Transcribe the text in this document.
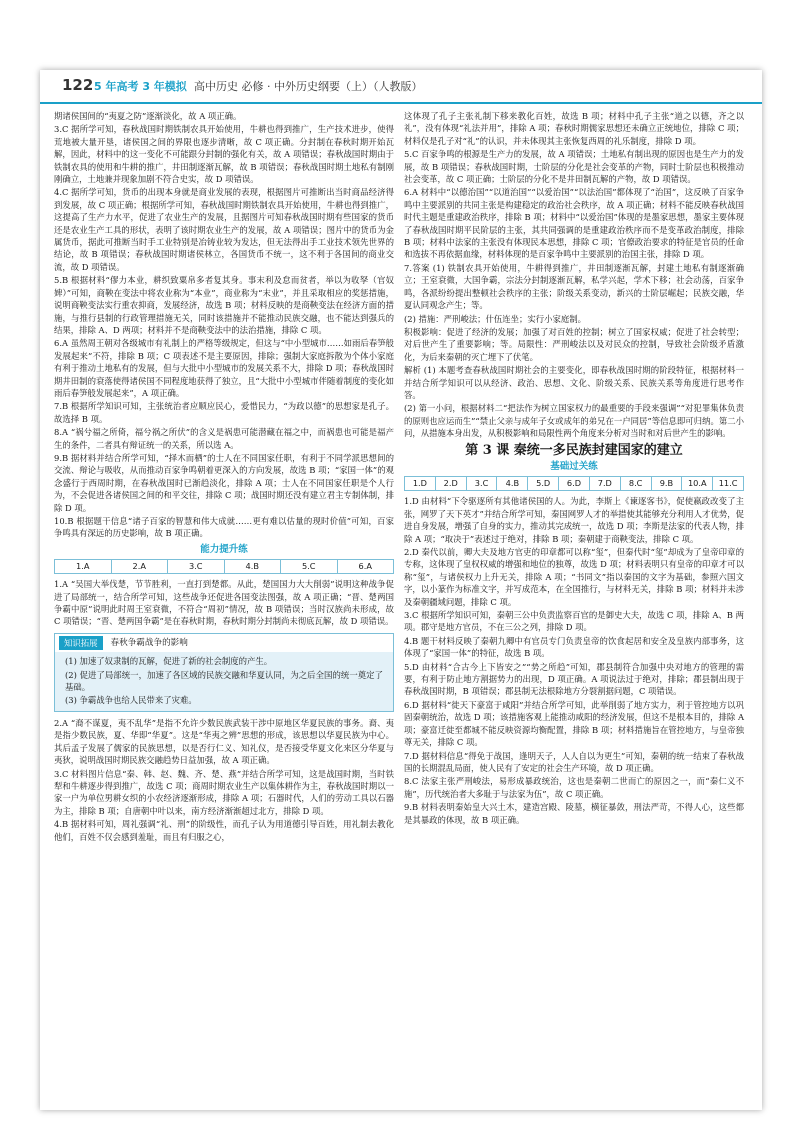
122 5 年高考 3 年模拟 高中历史 必修 · 中外历史纲要（上）（人教版）

期诸侯国间的“夷夏之防”逐渐淡化，故 A 项正确。

3.C 据所学可知，春秋战国时期铁制农具开始使用，牛耕也得到推广，生产技术进步，使得荒地被大量开垦，诸侯国之间的界限也逐步清晰，故 C 项正确。分封制在春秋时期开始瓦解，因此，材料中的这一变化不可能跟分封制的强化有关，故 A 项错误；春秋战国时期由于铁制农具的使用和牛耕的推广，井田制逐渐瓦解，故 B 项错误；春秋战国时期土地私有制刚刚确立，土地兼并现象加剧不符合史实，故 D 项错误。

4.C 据所学可知，货币的出现本身就是商业发展的表现，根据图片可推断出当时商品经济得到发展，故 C 项正确；根据所学可知，春秋战国时期铁制农具开始使用，牛耕也得到推广，这提高了生产力水平，促进了农业生产的发展，且据图片可知春秋战国时期有些国家的货币还是农业生产工具的形状，表明了该时期农业生产的发展，故 A 项错误；图片中的货币为金属货币，据此可推断当时手工业特别是冶铸业较为发达，但无法得出手工业技术领先世界的结论，故 B 项错误；春秋战国时期诸侯林立，各国货币不统一，这不利于各国间的商业交流，故 D 项错误。

5.B 根据材料“僇力本业，耕织致粟帛多者复其身。事末利及怠而贫者，举以为收孥（官奴婢）”可知，商鞅在变法中将农业称为“本业”，商业称为“末业”，并且采取相应的奖惩措施，说明商鞅变法实行重农抑商，发展经济，故选 B 项；材料反映的是商鞅变法在经济方面的措施，与推行县制的行政管理措施无关，同时该措施并不能推动民族交融，也不能达到强兵的结果，排除 A、D 两项；材料并不是商鞅变法中的法治措施，排除 C 项。

6.A 虽然周王朝对各级城市有礼制上的严格等级规定，但这与“中小型城市……如雨后春笋般发展起来”不符，排除 B 项；C 项表述不是主要原因，排除；强制大家庭拆散为个体小家庭有利于推动土地私有的发展，但与大批中小型城市的发展关系不大，排除 D 项；春秋战国时期井田制的衰落使得诸侯国不同程度地获得了独立，且“大批中小型城市伴随着制度的变化如雨后春笋般发展起来”，A 项正确。

7.B 根据所学知识可知，主张统治者应顺应民心，爱惜民力，“为政以德”的思想家是孔子。故选择 B 项。

8.A “祸兮福之所倚，福兮祸之所伏”的含义是祸患可能潜藏在福之中，而祸患也可能是福产生的条件，二者具有辩证统一的关系，所以选 A。

9.B 据材料并结合所学可知，“择木而栖”的士人在不同国家任职，有利于不同学派思想间的交流、辩论与吸收，从而推动百家争鸣朝着更深入的方向发展，故选 B 项；“家国一体”的观念盛行于西周时期，在春秋战国时已渐趋淡化，排除 A 项；士人在不同国家任职是个人行为，不会促进各诸侯国之间的和平交往，排除 C 项；战国时期还没有建立君主专制体制，排除 D 项。

10.B 根据题干信息“诸子百家的智慧和伟大成就……更有难以估量的现时价值”可知，百家争鸣具有深远的历史影响，故 B 项正确。

能力提升练
1.A	2.A	3.C	4.B	5.C	6.A

1.A “吴国大举伐楚，节节胜利，一直打到楚都。从此，楚国国力大大削弱”说明这种战争促进了局部统一，结合所学可知，这些战争还促进各国变法图强，故 A 项正确；“晋、楚两国争霸中原”说明此时周王室衰微，不符合“周初”情况，故 B 项错误；当时汉族尚未形成，故 C 项错误；“晋、楚两国争霸”是在春秋时期，春秋时期分封制尚未彻底瓦解，故 D 项错误。

知识拓展	春秋争霸战争的影响

(1) 加速了奴隶制的瓦解，促进了新的社会制度的产生。

(2) 促进了局部统一，加速了各区域的民族交融和华夏认同，为之后全国的统一奠定了基础。

(3) 争霸战争也给人民带来了灾难。

2.A “裔不谋夏，夷不乱华”是指不允许少数民族武装干涉中原地区华夏民族的事务。裔、夷是指少数民族，夏、华即“华夏”。这是“华夷之辨”思想的形成，该思想以华夏民族为中心。其后孟子发展了儒家的民族思想，以是否行仁义、知礼仪，是否接受华夏文化来区分华夏与夷狄，说明战国时期民族交融趋势日益加强，故 A 项正确。

3.C 材料图片信息“秦、韩、赵、魏、齐、楚、燕”并结合所学可知，这是战国时期，当时铁犁和牛耕逐步得到推广，故选 C 项；商周时期农业生产以集体耕作为主，春秋战国时期以一家一户为单位男耕女织的小农经济逐渐形成，排除 A 项；石器时代，人们的劳动工具以石器为主，排除 B 项；自唐朝中叶以来，南方经济渐渐超过北方，排除 D 项。

4.B 据材料可知，周礼强调“礼、刑”的阶级性，而孔子认为用道德引导百姓，用礼制去教化他们，百姓不仅会感到羞耻，而且有归服之心，

这体现了孔子主张礼制下移来教化百姓，故选 B 项；材料中孔子主张“道之以德，齐之以礼”，没有体现“礼法并用”，排除 A 项；春秋时期儒家思想还未确立正统地位，排除 C 项；材料仅是孔子对“礼”的认识，并未体现其主张恢复西周的礼乐制度，排除 D 项。

5.C 百家争鸣的根源是生产力的发展，故 A 项错误；土地私有制出现的原因也是生产力的发展，故 B 项错误；春秋战国时期，士阶层的分化是社会变革的产物，同时士阶层也积极推动社会变革，故 C 项正确；士阶层的分化不是井田制瓦解的产物，故 D 项错误。

6.A 材料中“以德治国”“以道治国”“以爱治国”“以法治国”都体现了“治国”，这反映了百家争鸣中主要派别的共同主张是构建稳定的政治社会秩序，故 A 项正确；材料不能反映春秋战国时代主题是重建政治秩序，排除 B 项；材料中“以爱治国”体现的是墨家思想，墨家主要体现了春秋战国时期平民阶层的主张，其共同强调的是重建政治秩序而不是变革政治制度，排除 B 项；材料中法家的主张没有体现民本思想，排除 C 项；官僚政治要求的特征是官员的任命和选拔不再依据血缘，材料体现的是百家争鸣中主要派别的治国主张，排除 D 项。

7.答案 (1) 铁制农具开始使用，牛耕得到推广，井田制逐渐瓦解，封建土地私有制逐渐确立；王室衰微，大国争霸，宗法分封制逐渐瓦解，私学兴起，学术下移；社会动荡，百家争鸣，各派纷纷提出整顿社会秩序的主张；阶级关系变动，新兴的士阶层崛起；民族交融，华夏认同观念产生；等。

(2) 措施：严刑峻法；什伍连坐；实行小家庭制。

积极影响：促进了经济的发展；加强了对百姓的控制；树立了国家权威；促进了社会转型；对后世产生了重要影响；等。局限性：严刑峻法以及对民众的控制，导致社会阶级矛盾激化，为后来秦朝的灭亡埋下了伏笔。

解析 (1) 本题考查春秋战国时期社会的主要变化，即春秋战国时期的阶段特征，根据材料一并结合所学知识可以从经济、政治、思想、文化、阶级关系、民族关系等角度进行思考作答。

(2) 第一小问，根据材料二“把法作为树立国家权力的最重要的手段来强调”“对犯罪集体负责的原则也应运而生”“禁止父亲与成年子女或成年的弟兄在一户同居”等信息即可归纳。第二小问，从措施本身出发，从积极影响和局限性两个角度来分析对当时和对后世产生的影响。

第 3 课 秦统一多民族封建国家的建立
基础过关练
1.D	2.D	3.C	4.B	5.D	6.D	7.D	8.C	9.B	10.A	11.C

1.D 由材料“下令驱逐所有其他诸侯国的人。为此，李斯上《谏逐客书》，促使嬴政改变了主张，网罗了天下英才”并结合所学可知，秦国网罗人才的举措使其能够充分利用人才优势，促进自身发展，增强了自身的实力，推动其完成统一，故选 D 项；李斯是法家的代表人物，排除 A 项；“取决于”表述过于绝对，排除 B 项；秦朝建于商鞅变法，排除 C 项。

2.D 秦代以前，卿大夫及地方官吏的印章都可以称“玺”，但秦代时“玺”却成为了皇帝印章的专称，这体现了皇权权威的增强和地位的独尊，故选 D 项；材料表明只有皇帝的印章才可以称“玺”，与诸侯权力上升无关，排除 A 项；“书同文”指以秦国的文字为基础，参照六国文字，以小篆作为标准文字，并写成范本，在全国推行，与材料无关，排除 B 项；材料并未涉及秦朝疆域问题，排除 C 项。

3.C 根据所学知识可知，秦朝三公中负责监察百官的是御史大夫，故选 C 项，排除 A、B 两项。郡守是地方官员，不在三公之列，排除 D 项。

4.B 题干材料反映了秦朝九卿中有官员专门负责皇帝的饮食起居和安全及皇族内部事务，这体现了“家国一体”的特征，故选 B 项。

5.D 由材料“合古今上下皆安之”“势之所趋”可知，郡县制符合加强中央对地方的管理的需要，有利于防止地方割据势力的出现，D 项正确。A 项说法过于绝对，排除；郡县制出现于春秋战国时期，B 项错误；郡县制无法根除地方分裂割据问题，C 项错误。

6.D 据材料“徙天下豪富于咸阳”并结合所学可知，此举削弱了地方实力，利于管控地方以巩固秦朝统治，故选 D 项；该措施客观上能推动咸阳的经济发展，但这不是根本目的，排除 A 项；豪富迁徙至都城不能反映资源均衡配置，排除 B 项；材料措施旨在管控地方，与皇帝独尊无关，排除 C 项。

7.D 据材料信息“得免于战国，逢明天子，人人自以为更生”可知，秦朝的统一结束了春秋战国的长期混乱局面，使人民有了安定的社会生产环境，故 D 项正确。

8.C 法家主张严刑峻法，易形成暴政统治，这也是秦朝二世而亡的原因之一，而“秦仁义不施”，历代统治者大多耻于与法家为伍”，故 C 项正确。

9.B 材料表明秦始皇大兴土木，建造宫殿、陵墓，横征暴敛，刑法严苛，不得人心，这些都是其暴政的体现，故 B 项正确。
